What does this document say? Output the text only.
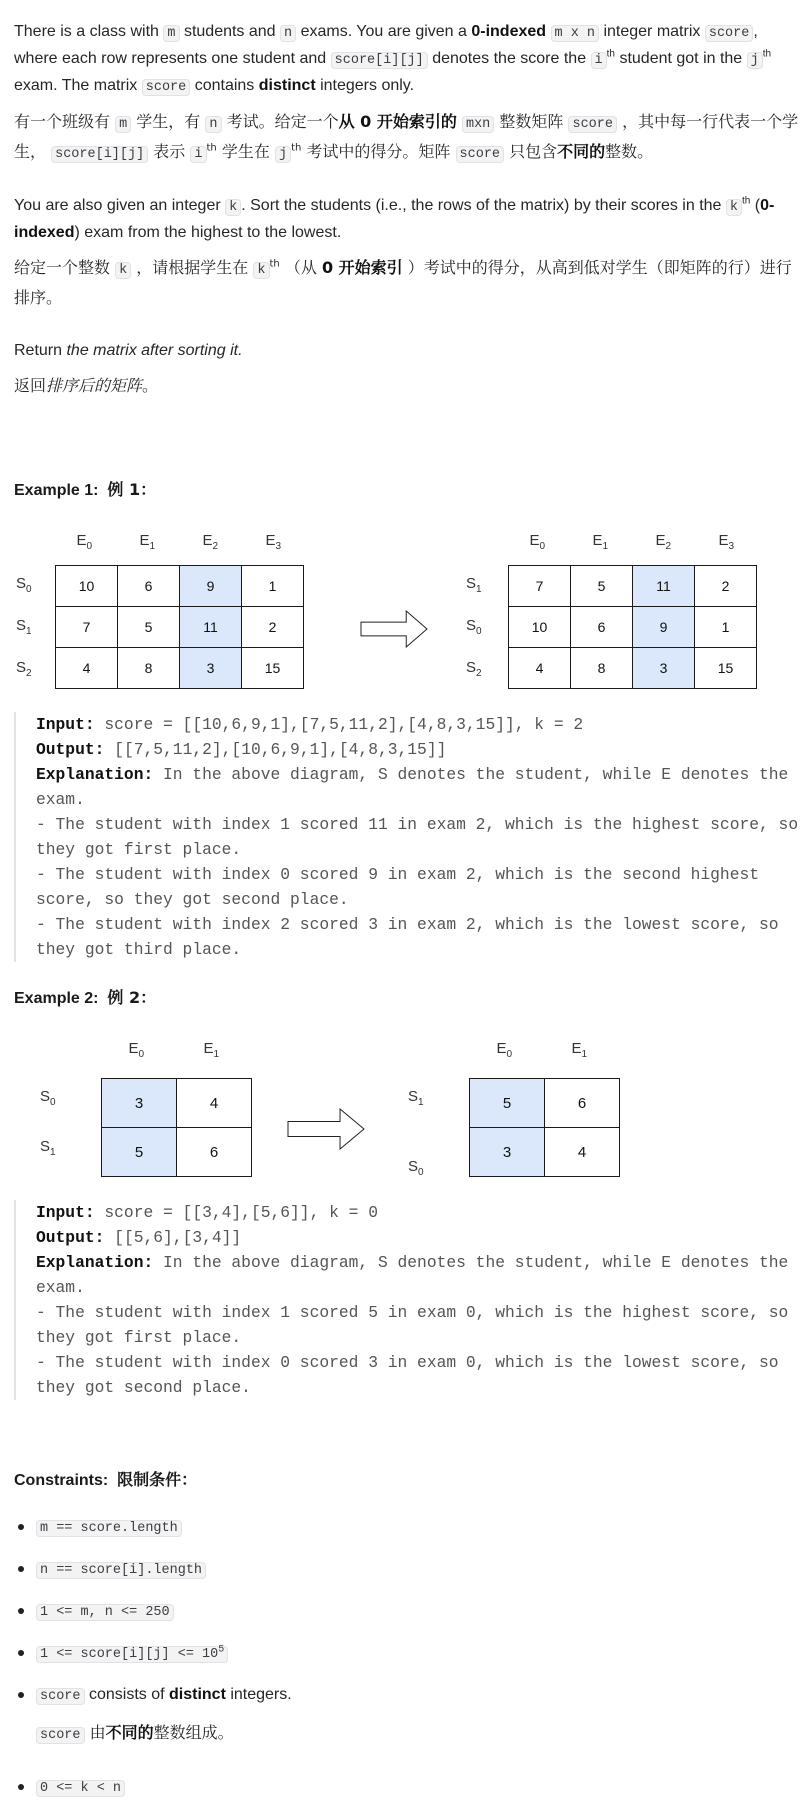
There is a class with m students and n exams. You are given a 0-indexed m x n integer matrix score , where each row represents one student and score[i][j] denotes the score the i $^{th}$ student got in the j $^{th}$ exam. The matrix score contains distinct integers only.

有一个班级有 m 学生，有 n 考试。给定一个从 0 开始索引的 mxn 整数矩阵 score ，其中每一行代表一个学生， score[i][j] 表示 i $^{th}$ 学生在 j $^{th}$ 考试中的得分。矩阵 score 只包含不同的整数。

You are also given an integer k . Sort the students (i.e., the rows of the matrix) by their scores in the k $^{th}$ (0-indexed) exam from the highest to the lowest.

给定一个整数 k ，请根据学生在 k $^{th}$ （从 0 开始索引 ）考试中的得分，从高到低对学生（即矩阵的行）进行排序。

Return the matrix after sorting it.

返回排序后的矩阵。

Example 1: 例 1：

$E_0$	$E_1$	$E_2$	$E_3$
$S_0$
$S_1$
$S_2$
10	6	9	1
7	5	11	2
4	8	3	15
$E_0$	$E_1$	$E_2$	$E_3$
$S_1$
$S_0$
$S_2$
7	5	11	2
10	6	9	1
4	8	3	15
Input: score = [[10,6,9,1],[7,5,11,2],[4,8,3,15]], k = 2
Output: [[7,5,11,2],[10,6,9,1],[4,8,3,15]]
Explanation: In the above diagram, S denotes the student, while E denotes the exam.
- The student with index 1 scored 11 in exam 2, which is the highest score, so they got first place.
- The student with index 0 scored 9 in exam 2, which is the second highest score, so they got second place.
- The student with index 2 scored 3 in exam 2, which is the lowest score, so they got third place.

Example 2: 例 2：

$E_0$	$E_1$
$S_0$
$S_1$
3	4
5	6
$E_0$	$E_1$
$S_1$
$S_0$
5	6
3	4
Input: score = [[3,4],[5,6]], k = 0
Output: [[5,6],[3,4]]
Explanation: In the above diagram, S denotes the student, while E denotes the exam.
- The student with index 1 scored 5 in exam 0, which is the highest score, so they got first place.
- The student with index 0 scored 3 in exam 0, which is the lowest score, so they got second place.

Constraints: 限制条件：

m == score.length
n == score[i].length
1 <= m, n <= 250
1 <= score[i][j] <= $10^5$
score consists of distinct integers.
score 由不同的整数组成。
0 <= k < n
